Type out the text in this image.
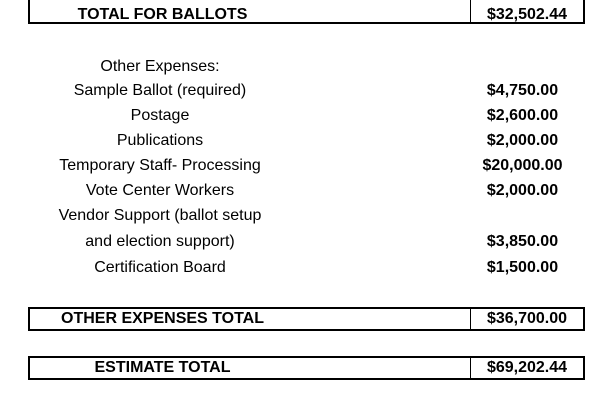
TOTAL FOR BALLOTS	$32,502.44
Other Expenses:
Sample Ballot (required)	$4,750.00
Postage	$2,600.00
Publications	$2,000.00
Temporary Staff- Processing	$20,000.00
Vote Center Workers	$2,000.00
Vendor Support (ballot setup
and election support)	$3,850.00
Certification Board	$1,500.00
OTHER EXPENSES TOTAL	$36,700.00
ESTIMATE TOTAL	$69,202.44
